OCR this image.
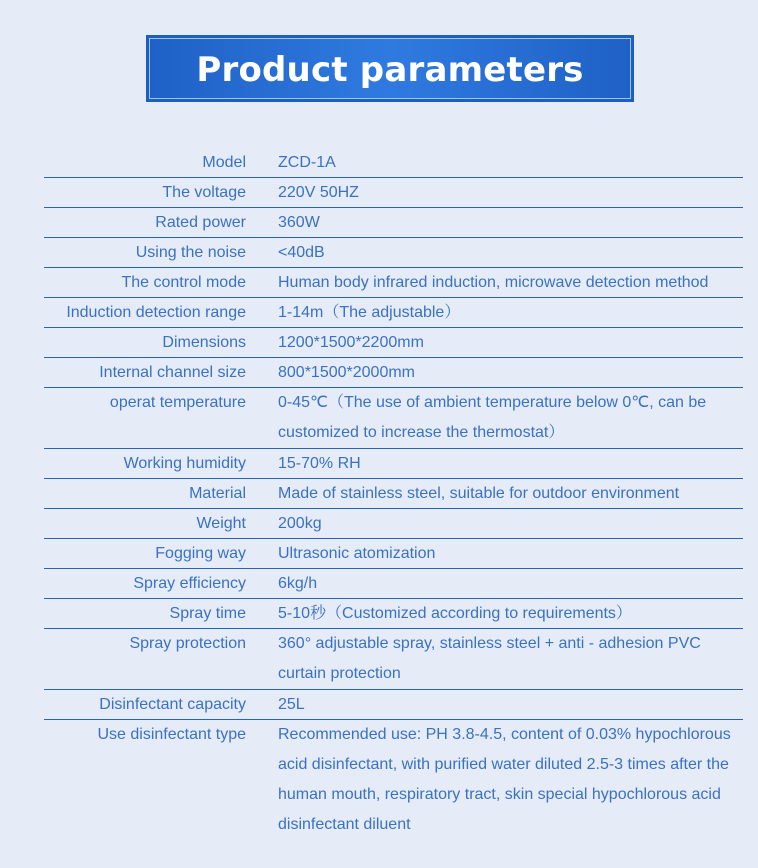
Product parameters
Model ZCD-1A
The voltage 220V 50HZ
Rated power 360W
Using the noise <40dB
The control mode Human body infrared induction, microwave detection method
Induction detection range 1-14m（The adjustable）
Dimensions 1200*1500*2200mm
Internal channel size 800*1500*2000mm
operat temperature 0-45℃（The use of ambient temperature below 0℃, can be customized to increase the thermostat）
Working humidity 15-70% RH
Material Made of stainless steel, suitable for outdoor environment
Weight 200kg
Fogging way Ultrasonic atomization
Spray efficiency 6kg/h
Spray time 5-10秒（Customized according to requirements）
Spray protection 360° adjustable spray, stainless steel + anti - adhesion PVC curtain protection
Disinfectant capacity 25L
Use disinfectant type Recommended use: PH 3.8-4.5, content of 0.03% hypochlorous acid disinfectant, with purified water diluted 2.5-3 times after the human mouth, respiratory tract, skin special hypochlorous acid disinfectant diluent
